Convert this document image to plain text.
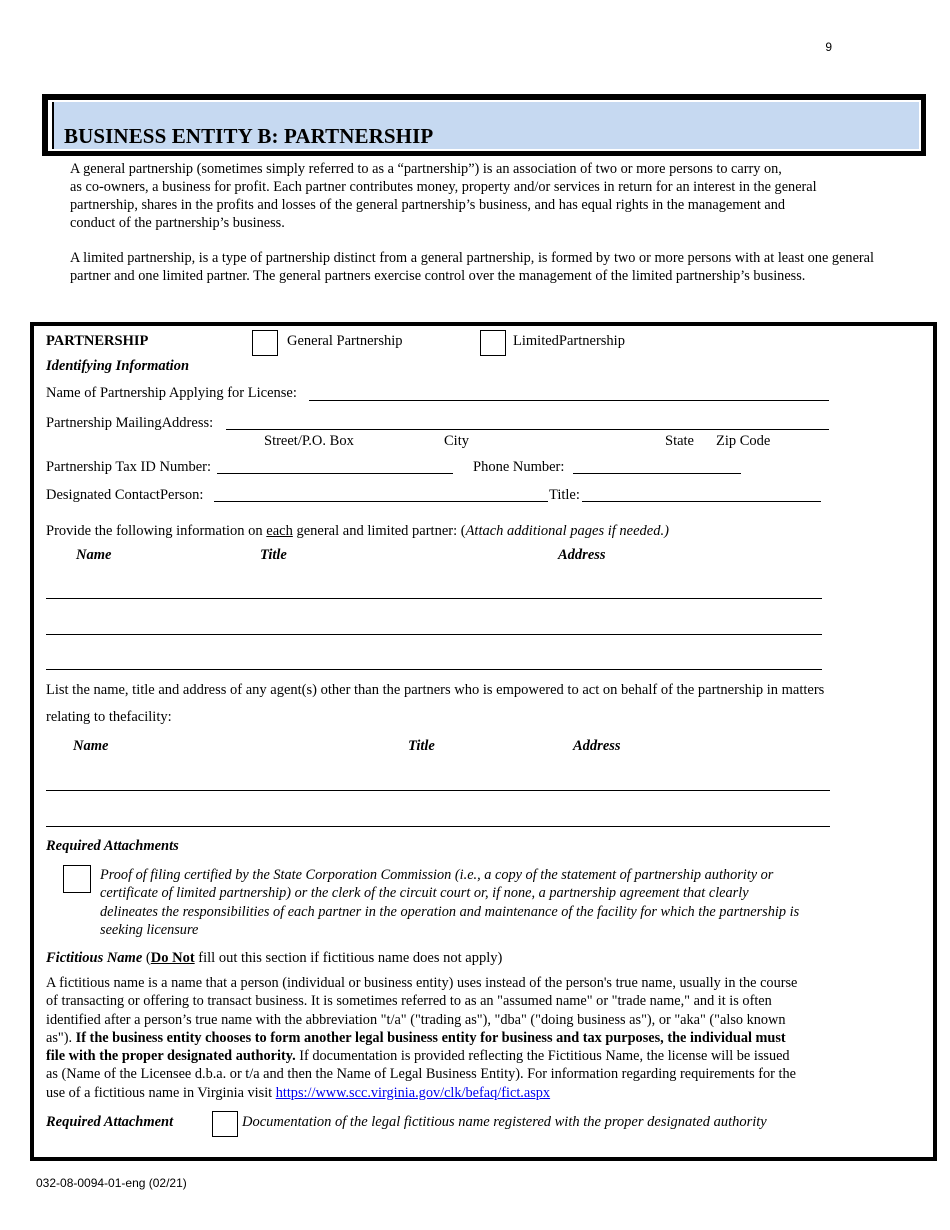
9
BUSINESS ENTITY B: PARTNERSHIP
A general partnership (sometimes simply referred to as a “partnership”) is an association of two or more persons to carry on,
as co-owners, a business for profit. Each partner contributes money, property and/or services in return for an interest in the general
partnership, shares in the profits and losses of the general partnership’s business, and has equal rights in the management and
conduct of the partnership’s business.
A limited partnership, is a type of partnership distinct from a general partnership, is formed by two or more persons with at least one general partner and one limited partner. The general partners exercise control over the management of the limited partnership’s business.
PARTNERSHIP	General Partnership	LimitedPartnership
Identifying Information
Name of Partnership Applying for License:
Partnership MailingAddress:
Street/P.O. Box	City	State Zip Code
Partnership Tax ID Number:	Phone Number:
Designated ContactPerson:	Title:
Provide the following information on each general and limited partner: (Attach additional pages if needed.)
Name	Title	Address
List the name, title and address of any agent(s) other than the partners who is empowered to act on behalf of the partnership in matters
relating to thefacility:
Name	Title	Address
Required Attachments
Proof of filing certified by the State Corporation Commission (i.e., a copy of the statement of partnership authority or
certificate of limited partnership) or the clerk of the circuit court or, if none, a partnership agreement that clearly
delineates the responsibilities of each partner in the operation and maintenance of the facility for which the partnership is
seeking licensure
Fictitious Name (Do Not fill out this section if fictitious name does not apply)
A fictitious name is a name that a person (individual or business entity) uses instead of the person's true name, usually in the course
of transacting or offering to transact business. It is sometimes referred to as an "assumed name" or "trade name," and it is often
identified after a person’s true name with the abbreviation "t/a" ("trading as"), "dba" ("doing business as"), or "aka" ("also known
as"). If the business entity chooses to form another legal business entity for business and tax purposes, the individual must
file with the proper designated authority. If documentation is provided reflecting the Fictitious Name, the license will be issued
as (Name of the Licensee d.b.a. or t/a and then the Name of Legal Business Entity). For information regarding requirements for the
use of a fictitious name in Virginia visit https://www.scc.virginia.gov/clk/befaq/fict.aspx
Required Attachment	Documentation of the legal fictitious name registered with the proper designated authority
032-08-0094-01-eng (02/21)
